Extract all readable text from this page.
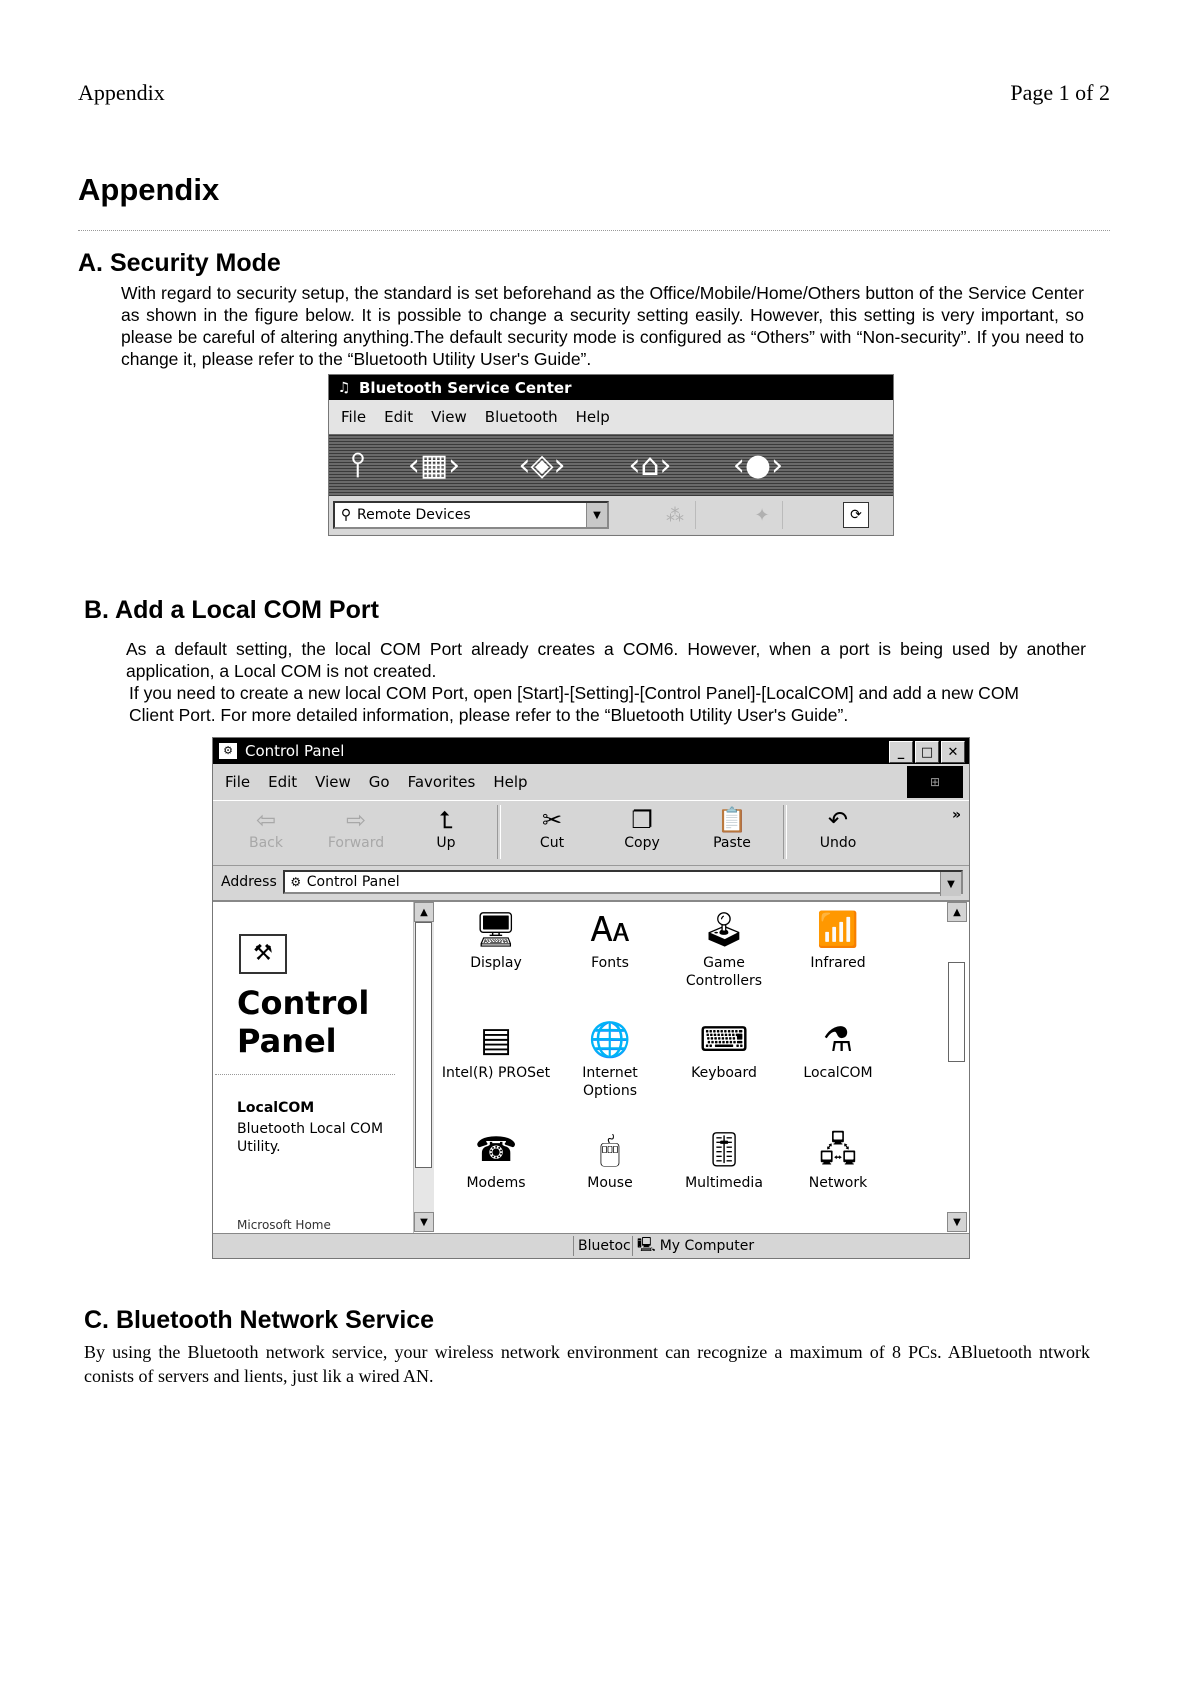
Appendix	Page 1 of 2
Appendix
A. Security Mode
With regard to security setup, the standard is set beforehand as the Office/Mobile/Home/Others button of the Service Center as shown in the figure below. It is possible to change a security setting easily. However, this setting is very important, so please be careful of altering anything.The default security mode is configured as “Others” with “Non-security”. If you need to change it, please refer to the “Bluetooth Utility User's Guide”.
♫ Bluetooth Service Center
File Edit View Bluetooth Help
⫯ ‹▦› ‹◈› ‹⌂› ‹●›
⚲ Remote Devices	▼	⁂	✦	⟳
B. Add a Local COM Port
As a default setting, the local COM Port already creates a COM6. However, when a port is being used by another application, a Local COM is not created.
If you need to create a new local COM Port, open [Start]-[Setting]-[Control Panel]-[LocalCOM] and add a new COM Client Port. For more detailed information, please refer to the “Bluetooth Utility User's Guide”.
⚙ Control Panel	_	□	✕
File Edit View Go Favorites Help	⊞
⇦
Back
⇨
Forward
⮤
Up
✂
Cut
❐
Copy
📋
Paste
↶
Undo
»
Address	⚙ Control Panel	▼
⚒
Control
Panel
LocalCOM
Bluetooth Local COM Utility.
Microsoft Home
▲
▼
🖥
Display
🗛
Fonts
🕹
Game Controllers
📶
Infrared
▤
Intel(R) PROSet
🌐
Internet Options
⌨
Keyboard
⚗
LocalCOM
☎
Modems
🖱
Mouse
🎚
Multimedia
🖧
Network
▲
▼
Bluetoc 🖳 My Computer
C. Bluetooth Network Service
By using the Bluetooth network service, your wireless network environment can recognize a maximum of 8 PCs. ABluetooth ntwork conists of servers and lients, just lik a wired AN.
